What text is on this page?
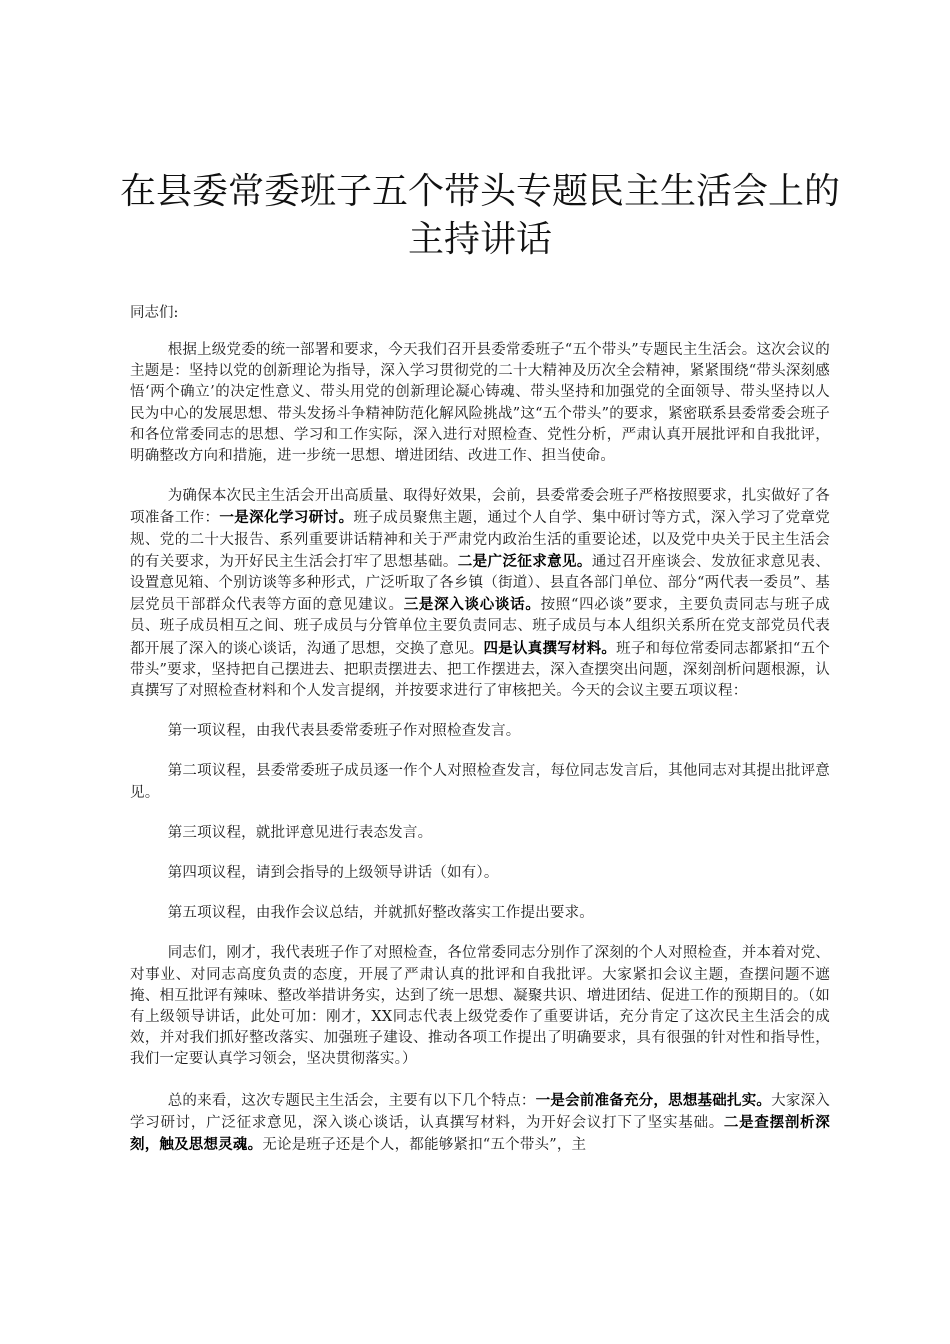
在县委常委班子五个带头专题民主生活会上的
主持讲话

同志们:

根据上级党委的统一部署和要求，今天我们召开县委常委班子“五个带头”专题民主生活会。这次会议的主题是：坚持以党的创新理论为指导，深入学习贯彻党的二十大精神及历次全会精神，紧紧围绕“带头深刻感悟‘两个确立’的决定性意义、带头用党的创新理论凝心铸魂、带头坚持和加强党的全面领导、带头坚持以人民为中心的发展思想、带头发扬斗争精神防范化解风险挑战”这“五个带头”的要求，紧密联系县委常委会班子和各位常委同志的思想、学习和工作实际，深入进行对照检查、党性分析，严肃认真开展批评和自我批评，明确整改方向和措施，进一步统一思想、增进团结、改进工作、担当使命。

为确保本次民主生活会开出高质量、取得好效果，会前，县委常委会班子严格按照要求，扎实做好了各项准备工作：一是深化学习研讨。班子成员聚焦主题，通过个人自学、集中研讨等方式，深入学习了党章党规、党的二十大报告、系列重要讲话精神和关于严肃党内政治生活的重要论述，以及党中央关于民主生活会的有关要求，为开好民主生活会打牢了思想基础。二是广泛征求意见。通过召开座谈会、发放征求意见表、设置意见箱、个别访谈等多种形式，广泛听取了各乡镇（街道）、县直各部门单位、部分“两代表一委员”、基层党员干部群众代表等方面的意见建议。三是深入谈心谈话。按照“四必谈”要求，主要负责同志与班子成员、班子成员相互之间、班子成员与分管单位主要负责同志、班子成员与本人组织关系所在党支部党员代表都开展了深入的谈心谈话，沟通了思想，交换了意见。四是认真撰写材料。班子和每位常委同志都紧扣“五个带头”要求，坚持把自己摆进去、把职责摆进去、把工作摆进去，深入查摆突出问题，深刻剖析问题根源，认真撰写了对照检查材料和个人发言提纲，并按要求进行了审核把关。今天的会议主要五项议程：

第一项议程，由我代表县委常委班子作对照检查发言。

第二项议程，县委常委班子成员逐一作个人对照检查发言，每位同志发言后，其他同志对其提出批评意见。

第三项议程，就批评意见进行表态发言。

第四项议程，请到会指导的上级领导讲话（如有）。

第五项议程，由我作会议总结，并就抓好整改落实工作提出要求。

同志们，刚才，我代表班子作了对照检查，各位常委同志分别作了深刻的个人对照检查，并本着对党、对事业、对同志高度负责的态度，开展了严肃认真的批评和自我批评。大家紧扣会议主题，查摆问题不遮掩、相互批评有辣味、整改举措讲务实，达到了统一思想、凝聚共识、增进团结、促进工作的预期目的。（如有上级领导讲话，此处可加：刚才，XX同志代表上级党委作了重要讲话，充分肯定了这次民主生活会的成效，并对我们抓好整改落实、加强班子建设、推动各项工作提出了明确要求，具有很强的针对性和指导性，我们一定要认真学习领会，坚决贯彻落实。）

总的来看，这次专题民主生活会，主要有以下几个特点：一是会前准备充分，思想基础扎实。大家深入学习研讨，广泛征求意见，深入谈心谈话，认真撰写材料，为开好会议打下了坚实基础。二是查摆剖析深刻，触及思想灵魂。无论是班子还是个人，都能够紧扣“五个带头”，主
